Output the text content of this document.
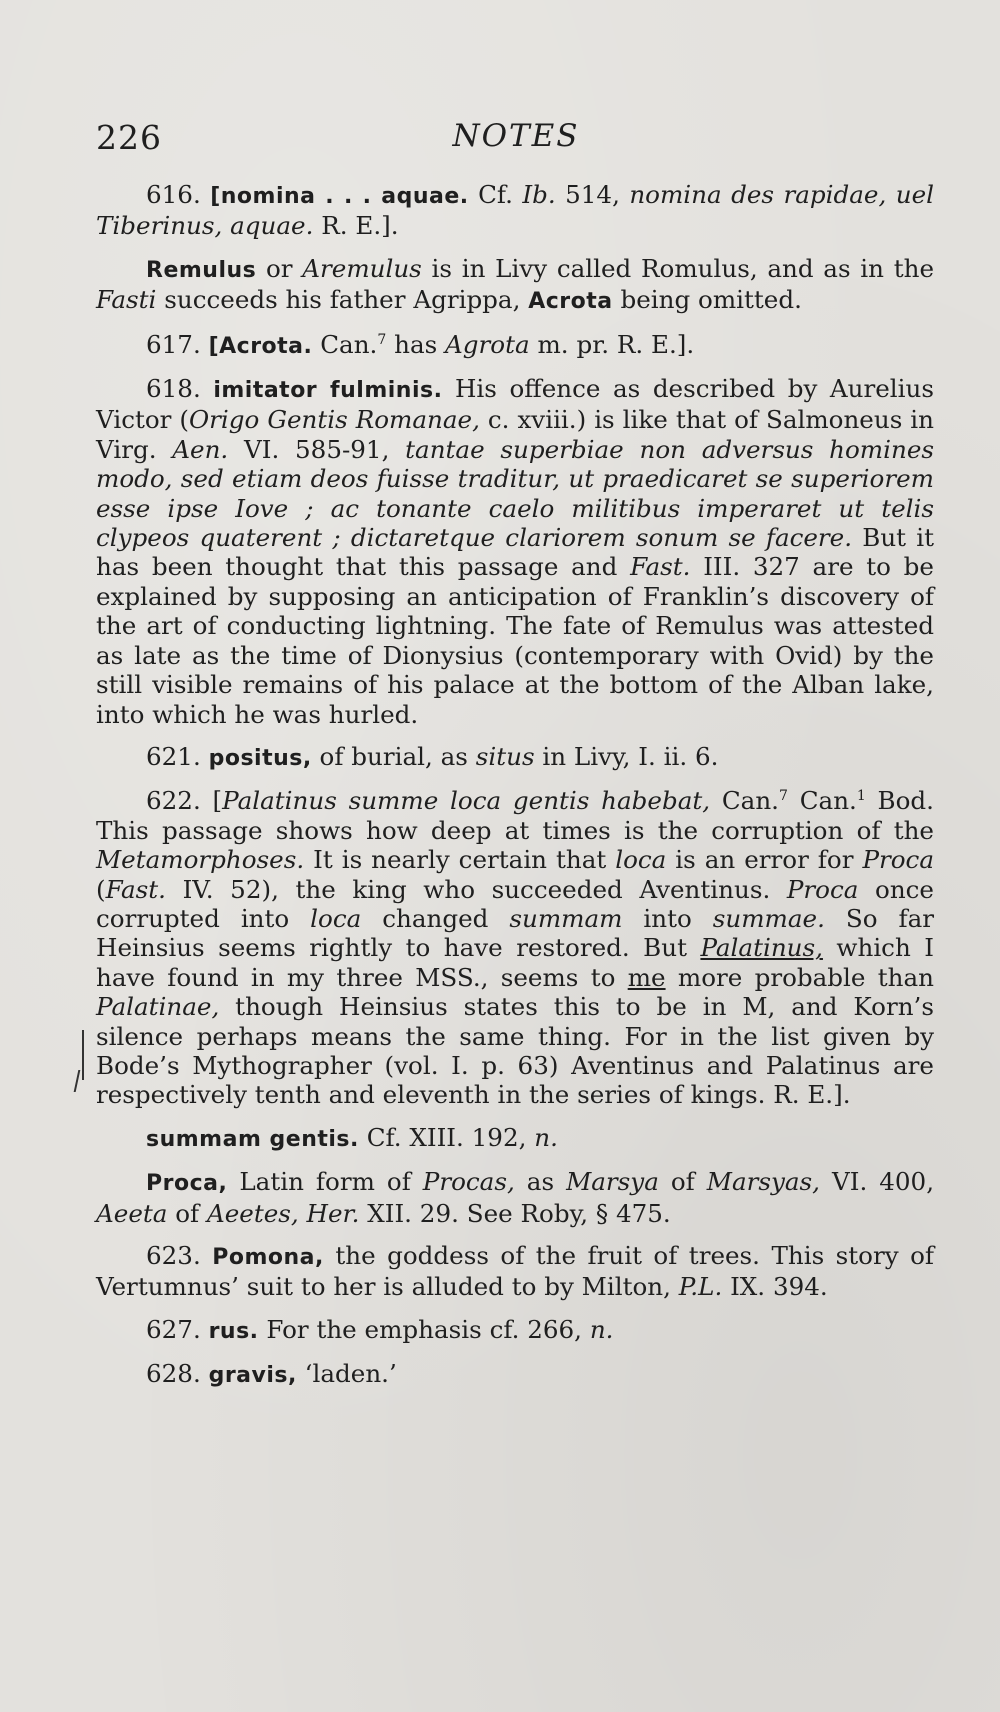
226	NOTES

616. [nomina . . . aquae. Cf. Ib. 514, nomina des rapidae, uel Tiberinus, aquae. R. E.].

Remulus or Aremulus is in Livy called Romulus, and as in the Fasti succeeds his father Agrippa, Acrota being omitted.

617. [Acrota. Can.$^7$ has Agrota m. pr. R. E.].

618. imitator fulminis. His offence as described by Aurelius Victor (Origo Gentis Romanae, c. xviii.) is like that of Salmoneus in Virg. Aen. VI. 585-91, tantae superbiae non adversus homines modo, sed etiam deos fuisse traditur, ut praedicaret se superiorem esse ipse Iove ; ac tonante caelo militibus imperaret ut telis clypeos quaterent ; dictaretque clariorem sonum se facere. But it has been thought that this passage and Fast. III. 327 are to be explained by supposing an anticipation of Franklin’s discovery of the art of conducting lightning. The fate of Remulus was attested as late as the time of Dionysius (contemporary with Ovid) by the still visible remains of his palace at the bottom of the Alban lake, into which he was hurled.

621. positus, of burial, as situs in Livy, I. ii. 6.

622. [Palatinus summe loca gentis habebat, Can.$^7$ Can.$^1$ Bod. This passage shows how deep at times is the corruption of the Metamorphoses. It is nearly certain that loca is an error for Proca (Fast. IV. 52), the king who succeeded Aventinus. Proca once corrupted into loca changed summam into summae. So far Heinsius seems rightly to have restored. But Palatinus, which I have found in my three MSS., seems to me more probable than Palatinae, though Heinsius states this to be in M, and Korn’s silence perhaps means the same thing. For in the list given by Bode’s Mythographer (vol. I. p. 63) Aventinus and Palatinus are respectively tenth and eleventh in the series of kings. R. E.].

summam gentis. Cf. XIII. 192, n.

Proca, Latin form of Procas, as Marsya of Marsyas, VI. 400, Aeeta of Aeetes, Her. XII. 29. See Roby, § 475.

623. Pomona, the goddess of the fruit of trees. This story of Vertumnus’ suit to her is alluded to by Milton, P.L. IX. 394.

627. rus. For the emphasis cf. 266, n.

628. gravis, ‘laden.’
